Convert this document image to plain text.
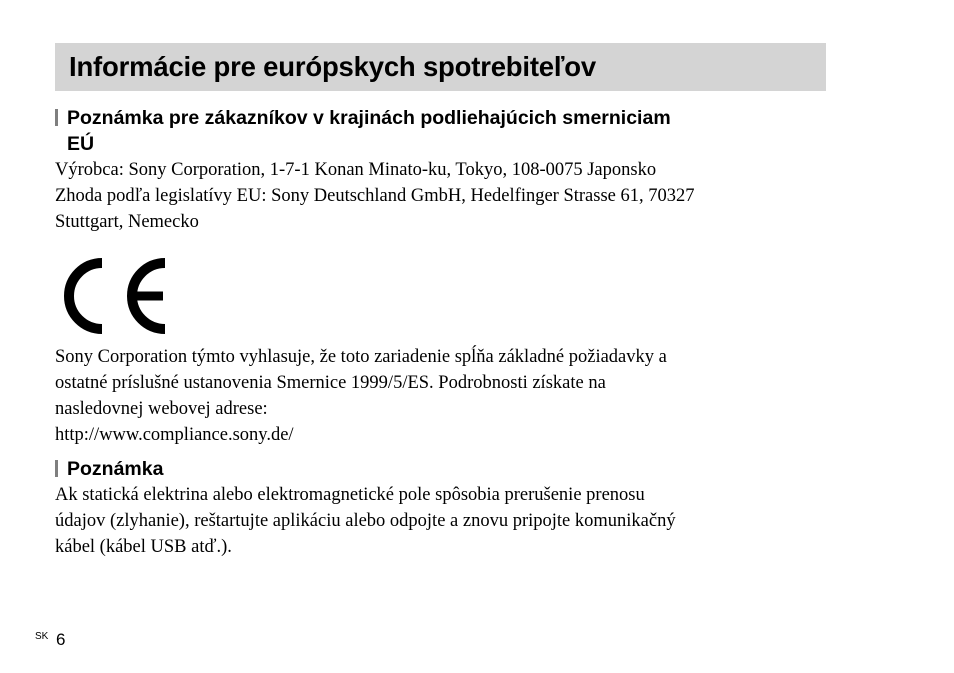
Informácie pre európskych spotrebiteľov
Poznámka pre zákazníkov v krajinách podliehajúcich smerniciam
EÚ
Výrobca: Sony Corporation, 1-7-1 Konan Minato-ku, Tokyo, 108-0075 Japonsko
Zhoda podľa legislatívy EU: Sony Deutschland GmbH, Hedelfinger Strasse 61, 70327
Stuttgart, Nemecko
Sony Corporation týmto vyhlasuje, že toto zariadenie spĺňa základné požiadavky a
ostatné príslušné ustanovenia Smernice 1999/5/ES. Podrobnosti získate na
nasledovnej webovej adrese:
http://www.compliance.sony.de/
Poznámka
Ak statická elektrina alebo elektromagnetické pole spôsobia prerušenie prenosu
údajov (zlyhanie), reštartujte aplikáciu alebo odpojte a znovu pripojte komunikačný
kábel (kábel USB atď.).
SK 6
